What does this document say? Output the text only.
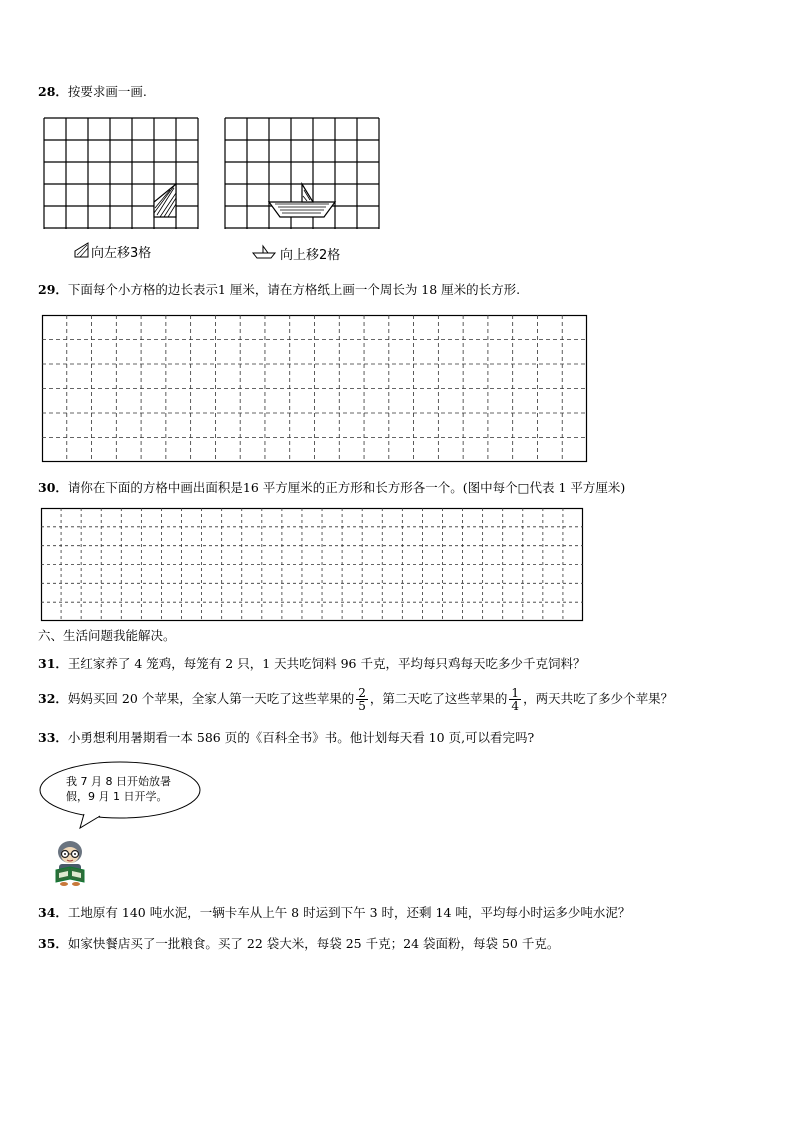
28．按要求画一画.
向左移3格	向上移2格
29．下面每个小方格的边长表示1 厘米，请在方格纸上画一个周长为 18 厘米的长方形.
30．请你在下面的方格中画出面积是16 平方厘米的正方形和长方形各一个。(图中每个□代表 1 平方厘米)
六、生活问题我能解决。
31．王红家养了 4 笼鸡，每笼有 2 只，1 天共吃饲料 96 千克，平均每只鸡每天吃多少千克饲料？
32．妈妈买回 20 个苹果，全家人第一天吃了这些苹果的 $\frac{2}{5}$ ，第二天吃了这些苹果的 $\frac{1}{4}$ ，两天共吃了多少个苹果？
33．小勇想利用暑期看一本 586 页的《百科全书》书。他计划每天看 10 页,可以看完吗?
我 7 月 8 日开始放暑
假，9 月 1 日开学。
34．工地原有 140 吨水泥，一辆卡车从上午 8 时运到下午 3 时，还剩 14 吨，平均每小时运多少吨水泥？
35．如家快餐店买了一批粮食。买了 22 袋大米，每袋 25 千克；24 袋面粉，每袋 50 千克。
